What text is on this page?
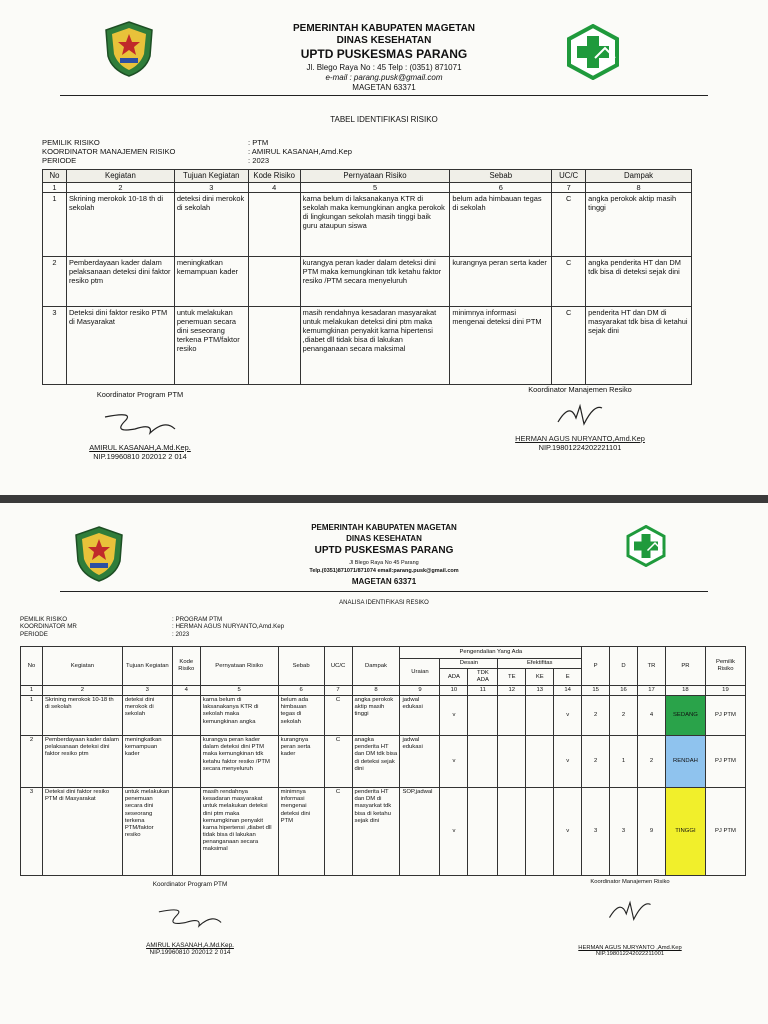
PEMERINTAH KABUPATEN MAGETAN
DINAS KESEHATAN
UPTD PUSKESMAS PARANG
Jl. Blego Raya No : 45 Telp : (0351) 871071
e-mail : parang.pusk@gmail.com
MAGETAN 63371
TABEL IDENTIFIKASI RISIKO
PEMILIK RISIKO
KOORDINATOR MANAJEMEN RISIKO
PERIODE
: PTM
: AMIRUL KASANAH,Amd.Kep
: 2023
No	Kegiatan	Tujuan Kegiatan	Kode Risiko	Pernyataan Risiko	Sebab	UC/C	Dampak
1	2	3	4	5	6	7	8
1	Skrining merokok 10-18 th di sekolah	deteksi dini merokok di sekolah		karna belum di laksanakanya KTR di sekolah maka kemungkinan angka perokok di lingkungan sekolah masih tinggi baik guru ataupun siswa	belum ada himbauan tegas di sekolah	C	angka perokok aktip masih tinggi
2	Pemberdayaan kader dalam pelaksanaan deteksi dini faktor resiko ptm	meningkatkan kemampuan kader		kurangya peran kader dalam deteksi dini PTM maka kemungkinan tdk ketahu faktor resiko /PTM secara menyeluruh	kurangnya peran serta kader	C	angka penderita HT dan DM tdk bisa di deteksi sejak dini
3	Deteksi dini faktor resiko PTM di Masyarakat	untuk melakukan penemuan secara dini seseorang terkena PTM/faktor resiko		masih rendahnya kesadaran masyarakat untuk melakukan deteksi dini ptm maka kemumgkinan penyakit karna hipertensi ,diabet dll tidak bisa di lakukan penanganaan secara maksimal	minimnya informasi mengenai deteksi dini PTM	C	penderita HT dan DM di masyarakat tdk bisa di ketahui sejak dini
Koordinator Program PTM
AMIRUL KASANAH,A.Md.Kep.
NIP.19960810 202012 2 014
Koordinator Manajemen Resiko
HERMAN AGUS NURYANTO,Amd.Kep
NIP.19801224202221101
PEMERINTAH KABUPATEN MAGETAN
DINAS KESEHATAN
UPTD PUSKESMAS PARANG
Jl Blego Raya No 45 Parang
Telp.(0351)871071/871074 email:parang.pusk@gmail.com
MAGETAN 63371
ANALISA IDENTIFIKASI RESIKO
PEMILIK RISIKO
KOORDINATOR MR
PERIODE
: PROGRAM PTM
: HERMAN AGUS NURYANTO,Amd.Kep
: 2023
No	Kegiatan	Tujuan Kegiatan	Kode Risiko	Pernyataan Risiko	Sebab	UC/C	Dampak	Pengendalian Yang Ada						P	D	TR	PR	Pemilik Risiko
								Uraian	Desain		Efektifitas							
									ADA	TDK ADA	TE	KE	E					
1	2	3	4	5	6	7	8	9	10	11	12	13	14	15	16	17	18	19
1	Skrining merokok 10-18 th di sekolah	deteksi dini merokok di sekolah		karna belum di laksanakanya KTR di sekolah maka kemungkinan angka	belum ada himbauan tegas di sekolah	C	angka perokok aktip masih tinggi	jadwal edukasi	v				v	2	2	4	SEDANG	PJ PTM
2	Pemberdayaan kader dalam pelaksanaan deteksi dini faktor resiko ptm	meningkatkan kemampuan kader		kurangya peran kader dalam deteksi dini PTM maka kemungkinan tdk ketahu faktor resiko /PTM secara menyeluruh	kurangnya peran serta kader	C	anagka penderita HT dan DM tdk bisa di deteksi sejak dini	jadwal edukasi	v				v	2	1	2	RENDAH	PJ PTM
3	Deteksi dini faktor resiko PTM di Masyarakat	untuk melakukan penemuan secara dini seseorang terkena PTM/faktor resiko		masih rendahnya kesadaran masyarakat untuk melakukan deteksi dini ptm maka kemumgkinan penyakit karna hipertensi ,diabet dll tidak bisa di lakukan penanganaan secara maksimal	minimnya informasi mengenai deteksi dini PTM	C	penderita HT dan DM di masyarkat tdk bisa di ketahu sejak dini	SOP,jadwal	v				v	3	3	9	TINGGI	PJ PTM
Koordinator Program PTM
AMIRUL KASANAH,A.Md.Kep.
NIP.19960810 202012 2 014
Koordinator Manajemen Risiko
HERMAN AGUS NURYANTO ,Amd.Kep
NIP.198012242022211001
